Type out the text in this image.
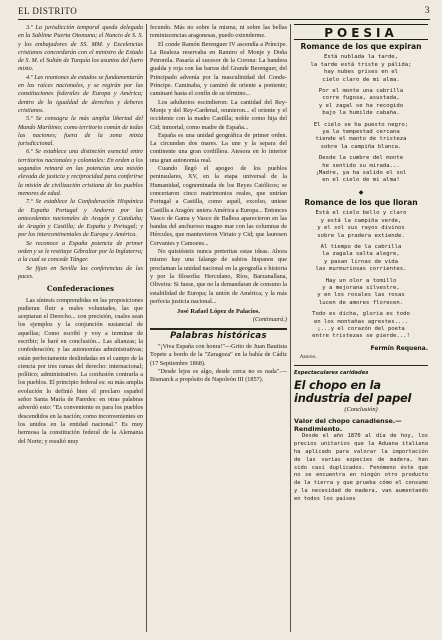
EL DISTRITO	3

3.º La jurisdicción temporal queda delegada en la Sublime Puerta Otomana; el Nuncio de S. S. y los embajadores de SS. MM. y Excelencias cristianos concordarán con el ministro de Estado de S. M. el Sultán de Turquía los asuntos del fuero mixto.

4.º Las reuniones de estados se fundamentarán en las raíces nacionales, y se regirán por las constituciones federales de Europa y América; dentro de la igualdad de derechos y deberes cristianos.

5.º Se consagra la más amplia libertad del Mundo Marítimo; como territorio común de todas las naciones; fuera de la zona mixta jurisdiccional.

6.º Se establece una distinción esencial entre territorios nacionales y coloniales: En orden a los segundos reinará en las potencias una misión elevada de justicia y reciprocidad para conferirse la misión de civilización cristiana de los pueblos menores de edad.

7.º Se establece la Confederación Hispánica de España Portugal y Andorra por las antecedentes nacionales de Aragón y Cataluña; de Aragón y Castilla; de España y Portugal; y por los intercontinentales de Europa y América.

Se reconoce a España potencia de primer orden y se le restituye Gibraltar por la Inglaterra; a la cual se concede Tánger.

Se fijan en Sevilla las conferencias de las paces.

Confederaciones

Las síntesis comprendidas en las proposiciones pudieran fluir a reales voluntades, las que aceptaran el Derecho... con precisión, cuales sean los ejemplos y la conjunción sustancial de aquellas; Como escribí y voy a terminar de escribir; le haré en conclusión... Las alianzas; la confederación; y las autonomías administrativas; están perfectamente deslindadas en el campo de la ciencia por tres ramas del derecho: internacional; político; administrativo. La confusión contrarla a los pueblos. El principio federal es: su más amplia evolución lo definió bien el preclaro español señor Santa María de Paredes: en otras palabras adverdó esto: "Es conveniente es para los pueblos descendidos en la nación; como inconvenientes en los unidos en la entidad nacional." Es muy hermosa la constitución federal de la Alemania del Norte; y resultó muy

fecundo. Más no sobre la misma, ni sobre las bellas reminiscencias aragonesas, puedo extenderme.

El conde Ramón Berenguer IV ascendía a Príncipe. La Realeza reservaba en Ramiro el Monje y Doña Petronila. Pasaría al sucesor de la Corona: La bandera gualda y roja con las barras del Grande Berenguer, del Principado advenía por la masculinidad del Conde-Príncipe. Caminaba, y caminó de oriente a poniente; caminaré hasta el confín de su término...

Los adulterios escindieron: La cantidad del Rey-Monje y del Rey-Cardenal, reunieron... el oriente y el occidente con la madre Castilla; noble como hija del Cid; inmortal, como madre de España...

España es una unidad geográfica de primer orden. La circundan dos mares. La une y la separa del continente una gran cordillera. Atesora en lo interior una gran autonomía real.

Cuando llegó el apogeo de los pueblos peninsulares, XV, en la etapa universal de la Humanidad, cognominada de los Reyes Católicos; se concertaron cinco matrimonios reales, que unirían Portugal a Castilla, como aquél, excelso, uniese Castilla a Aragón: uniera América a Europa... Entonces Vasco de Gama y Vasco de Balboa aparecieron en las bandas del anchuroso magno mar con las columnas de Hércules, que mantuvieron Viriato y Cid; que lauresen Cervantes y Camoens...

No quisiésteis nunca preteritas estas ideas. Ahora mismo hay una falange de sabios hispanos que proclaman la unidad nacional en la geografía e historia y por la filosofía: Herculano, Ríos, Barzanallana, Oliveira: Si fuese, que no la demandaran de consuno la estabilidad de Europa; la unión de América; y la más perfecta justicia nacional...

José Rafael López de Palacios.
(Continuará.)
Palabras históricas

"¡Viva España con honra!"—Grito de Juan Bautista Topete a bordo de la "Zaragoza" en la bahía de Cádiz (17 Septiembre 1868).

"Desde lejos es algo, desde cerca no es nada".—Bismarck a propósito de Napoleón III (1857).

POESIA
Romance de los que expiran
Está nublada la tarde,
la tarde está triste y pálida;
hay nubes grises en el
cielo claro de mi alma.
Por el monte una cabrilla
corre fugosa, asustada,
y el zagal se ha recogido
bajo la humilde cabaña.
El cielo se ha puesto negro;
ya la tempestad cercana
tiende el manto de tristeza
sobre la campiña blanca.
Desde la cumbre del monte
he sentido su mirada...
¡Madre, ya ha salido el sol
en el cielo de mi alma!
◆
Romance de los que lloran
Está el cielo bello y claro
y está la campiña verde,
y el sol sus rayos divinos
sobre la pradera extiende.
Al tiempo de la cabrilla
la zagala salta alegre,
y pasan lirnas de vida
las murmuriosas corrientes.
Hay un olor a tomillo
y a mejorana silvestre,
y en los rosales las rosas
lucen de amores florecen.
Todo es dicha, gloria es todo
en los montañas agrestes....
¡...y el corazón del poeta
entre tristezas se pierde...!
Fermín Requena.
Azores.
Espectaculares caridades
El chopo en la industria del papel
(Conclusión)

Valor del chopo canadiense.—Rendimiento.

Desde el año 1870 al día de hoy, los precios unitarios que la Aduana italiana ha aplicado para valorar la importación de las varias especies de madera, han sido casi duplicados. Fenómeno éste que no se encuentra en ningún otro producto de la tierra y que prueba cómo el consumo y la necesidad de madera, van aumentando en todos los países
